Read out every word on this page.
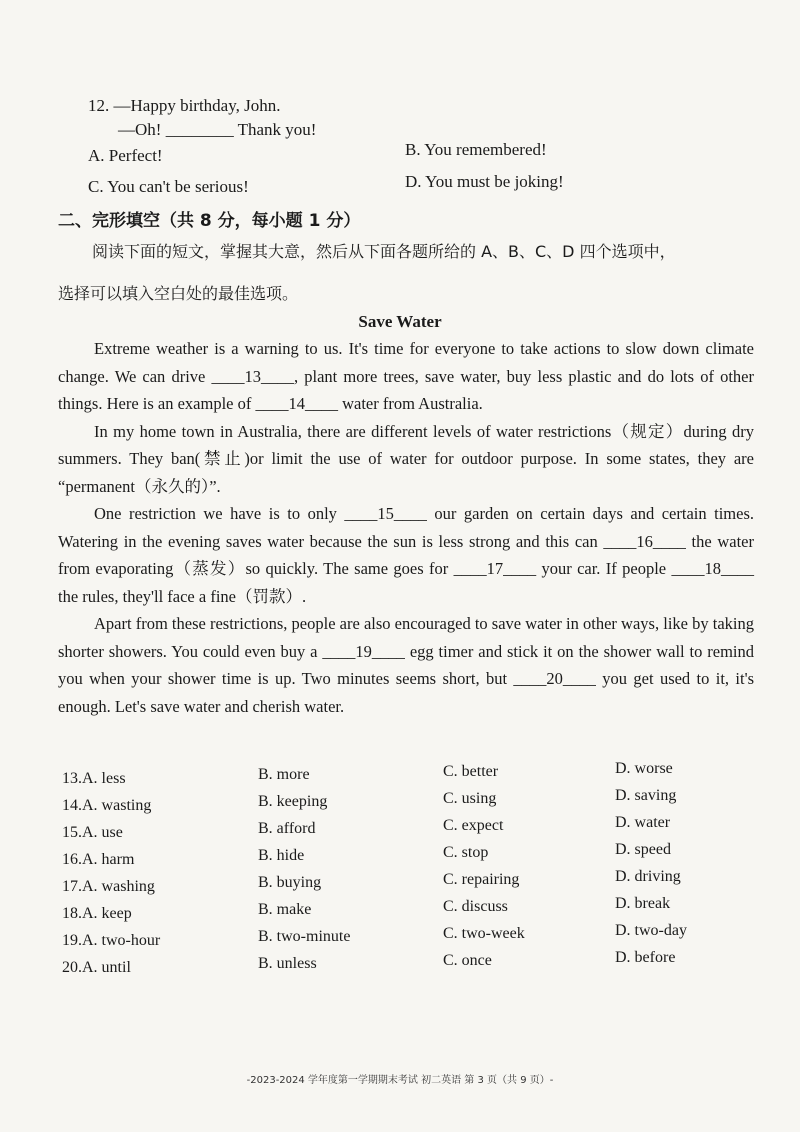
12. —Happy birthday, John.
—Oh! ________ Thank you!
A. Perfect!	B. You remembered!
C. You can't be serious!	D. You must be joking!
二、完形填空（共 8 分，每小题 1 分）
阅读下面的短文，掌握其大意，然后从下面各题所给的 A、B、C、D 四个选项中，
选择可以填入空白处的最佳选项。
Save Water

Extreme weather is a warning to us. It's time for everyone to take actions to slow down climate change. We can drive ____13____, plant more trees, save water, buy less plastic and do lots of other things. Here is an example of ____14____ water from Australia.

In my home town in Australia, there are different levels of water restrictions（规定）during dry summers. They ban(禁止)or limit the use of water for outdoor purpose. In some states, they are “permanent（永久的）”.

One restriction we have is to only ____15____ our garden on certain days and certain times. Watering in the evening saves water because the sun is less strong and this can ____16____ the water from evaporating（蒸发）so quickly. The same goes for ____17____ your car. If people ____18____ the rules, they'll face a fine（罚款）.

Apart from these restrictions, people are also encouraged to save water in other ways, like by taking shorter showers. You could even buy a ____19____ egg timer and stick it on the shower wall to remind you when your shower time is up. Two minutes seems short, but ____20____ you get used to it, it's enough. Let's save water and cherish water.

13.A. less	B. more	C. better	D. worse
14.A. wasting	B. keeping	C. using	D. saving
15.A. use	B. afford	C. expect	D. water
16.A. harm	B. hide	C. stop	D. speed
17.A. washing	B. buying	C. repairing	D. driving
18.A. keep	B. make	C. discuss	D. break
19.A. two-hour	B. two-minute	C. two-week	D. two-day
20.A. until	B. unless	C. once	D. before
-2023-2024 学年度第一学期期末考试 初二英语 第 3 页（共 9 页）-
